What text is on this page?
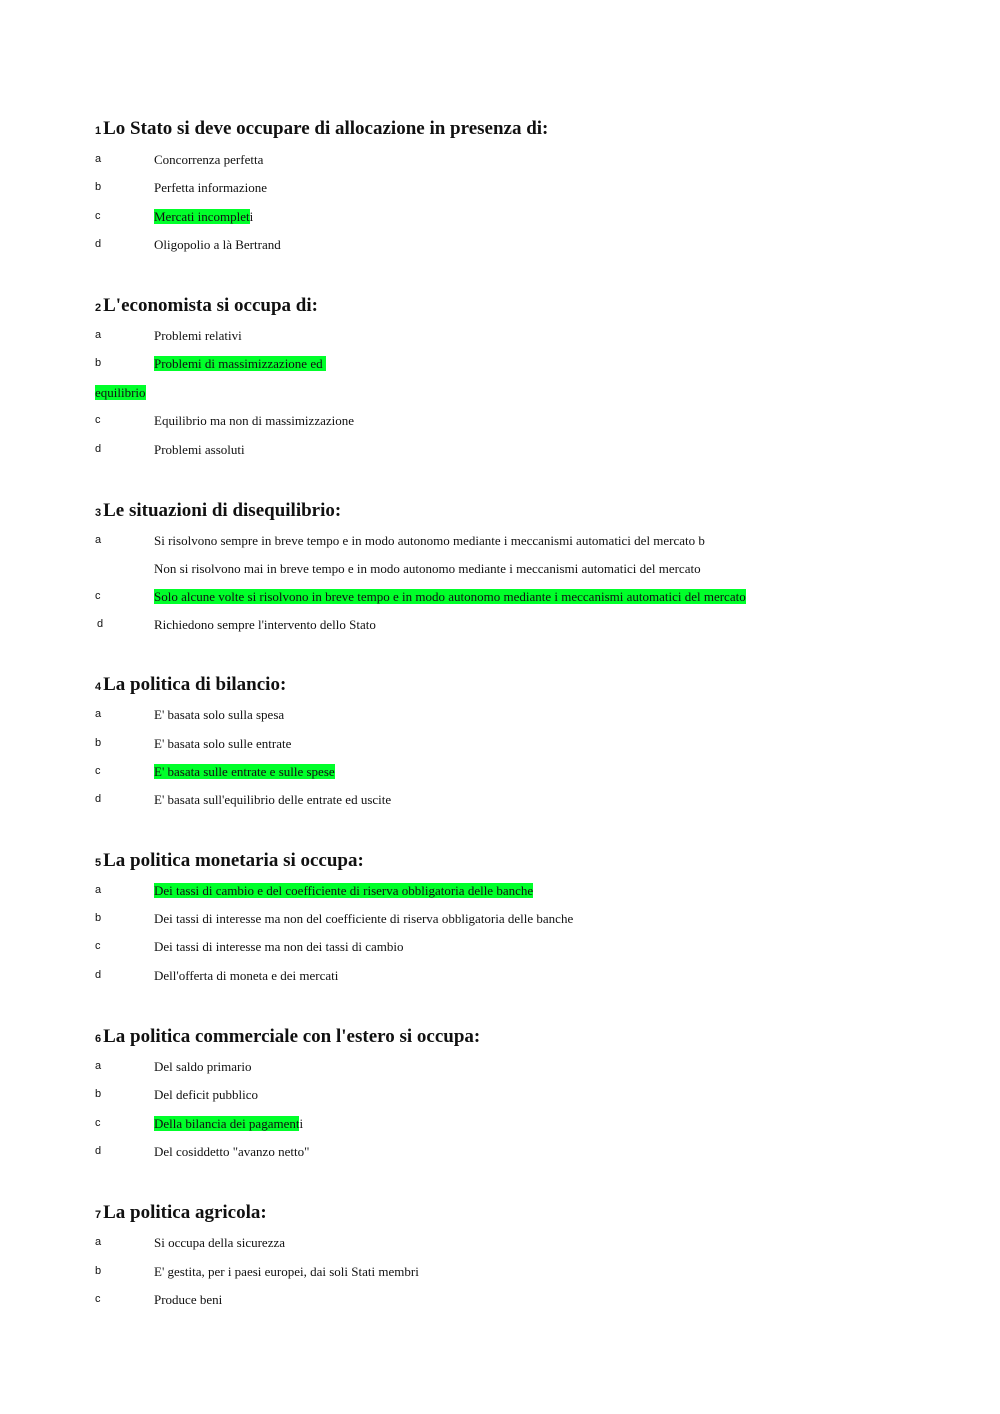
1 Lo Stato si deve occupare di allocazione in presenza di:
a	Concorrenza perfetta
b	Perfetta informazione
c	Mercati incompleti
d	Oligopolio a là Bertrand
2 L'economista si occupa di:
a	Problemi relativi
b	Problemi di massimizzazione ed
equilibrio
c	Equilibrio ma non di massimizzazione
d	Problemi assoluti
3 Le situazioni di disequilibrio:
a	Si risolvono sempre in breve tempo e in modo autonomo mediante i meccanismi automatici del mercato b
Non si risolvono mai in breve tempo e in modo autonomo mediante i meccanismi automatici del mercato
c	Solo alcune volte si risolvono in breve tempo e in modo autonomo mediante i meccanismi automatici del mercato
d	Richiedono sempre l'intervento dello Stato
4 La politica di bilancio:
a	E' basata solo sulla spesa
b	E' basata solo sulle entrate
c	E' basata sulle entrate e sulle spese
d	E' basata sull'equilibrio delle entrate ed uscite
5 La politica monetaria si occupa:
a	Dei tassi di cambio e del coefficiente di riserva obbligatoria delle banche
b	Dei tassi di interesse ma non del coefficiente di riserva obbligatoria delle banche
c	Dei tassi di interesse ma non dei tassi di cambio
d	Dell'offerta di moneta e dei mercati
6 La politica commerciale con l'estero si occupa:
a	Del saldo primario
b	Del deficit pubblico
c	Della bilancia dei pagamenti
d	Del cosiddetto "avanzo netto"
7 La politica agricola:
a	Si occupa della sicurezza
b	E' gestita, per i paesi europei, dai soli Stati membri
c	Produce beni
